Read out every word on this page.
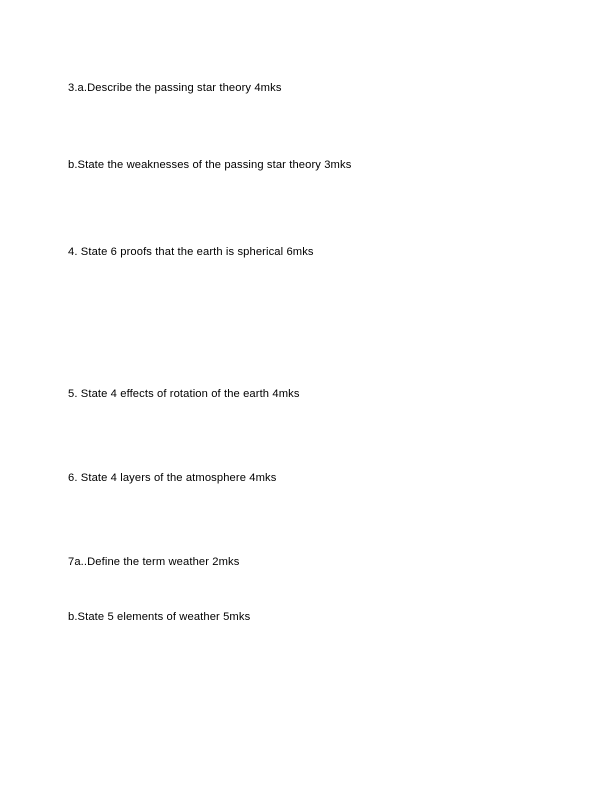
3.a.Describe the passing star theory 4mks

b.State the weaknesses of the passing star theory 3mks

4. State 6 proofs that the earth is spherical 6mks

5. State 4 effects of rotation of the earth 4mks

6. State 4 layers of the atmosphere 4mks

7a..Define the term weather 2mks

b.State 5 elements of weather 5mks
